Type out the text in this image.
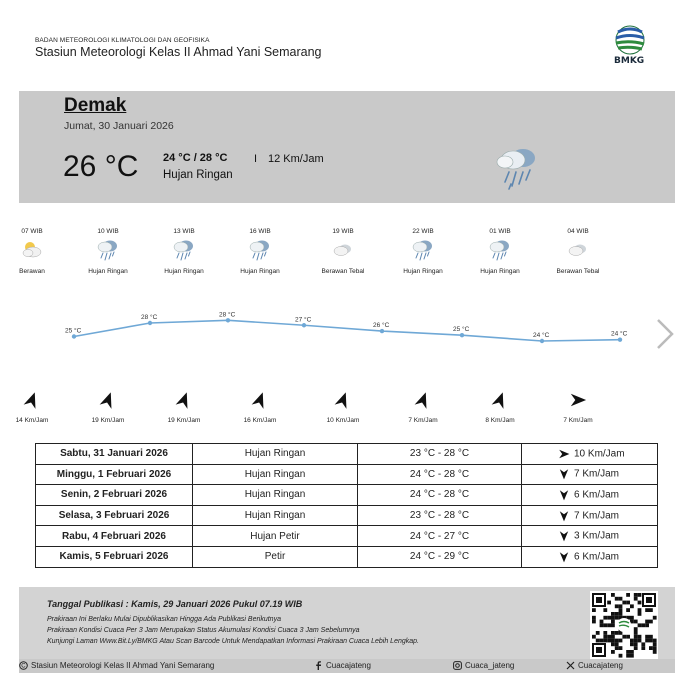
BADAN METEOROLOGI KLIMATOLOGI DAN GEOFISIKA
Stasiun Meteorologi Kelas II Ahmad Yani Semarang
BMKG
Demak
Jumat, 30 Januari 2026
26 °C 24 °C / 28 °C I 12 Km/Jam
Hujan Ringan
07 WIB
Berawan
10 WIB
Hujan Ringan
13 WIB
Hujan Ringan
16 WIB
Hujan Ringan
19 WIB
Berawan Tebal
22 WIB
Hujan Ringan
01 WIB
Hujan Ringan
04 WIB
Berawan Tebal
25 °C
28 °C	28 °C
27 °C
26 °C
25 °C
24 °C	24 °C
14 Km/Jam	19 Km/Jam	19 Km/Jam	16 Km/Jam	10 Km/Jam	7 Km/Jam	8 Km/Jam	7 Km/Jam
Sabtu, 31 Januari 2026	Hujan Ringan	23 °C - 28 °C	10 Km/Jam
Minggu, 1 Februari 2026	Hujan Ringan	24 °C - 28 °C	7 Km/Jam
Senin, 2 Februari 2026	Hujan Ringan	24 °C - 28 °C	6 Km/Jam
Selasa, 3 Februari 2026	Hujan Ringan	23 °C - 28 °C	7 Km/Jam
Rabu, 4 Februari 2026	Hujan Petir	24 °C - 27 °C	3 Km/Jam
Kamis, 5 Februari 2026	Petir	24 °C - 29 °C	6 Km/Jam
Tanggal Publikasi : Kamis, 29 Januari 2026 Pukul 07.19 WIB
Prakiraan Ini Berlaku Mulai Dipublikasikan Hingga Ada Publikasi Berikutnya
Prakiraan Kondisi Cuaca Per 3 Jam Merupakan Status Akumulasi Kondisi Cuaca 3 Jam Sebelumnya
Kunjungi Laman Www.Bit.Ly/BMKG Atau Scan Barcode Untuk Mendapatkan Informasi Prakiraan Cuaca Lebih Lengkap.
C Stasiun Meteorologi Kelas II Ahmad Yani Semarang	Cuacajateng	Cuaca_jateng	Cuacajateng
